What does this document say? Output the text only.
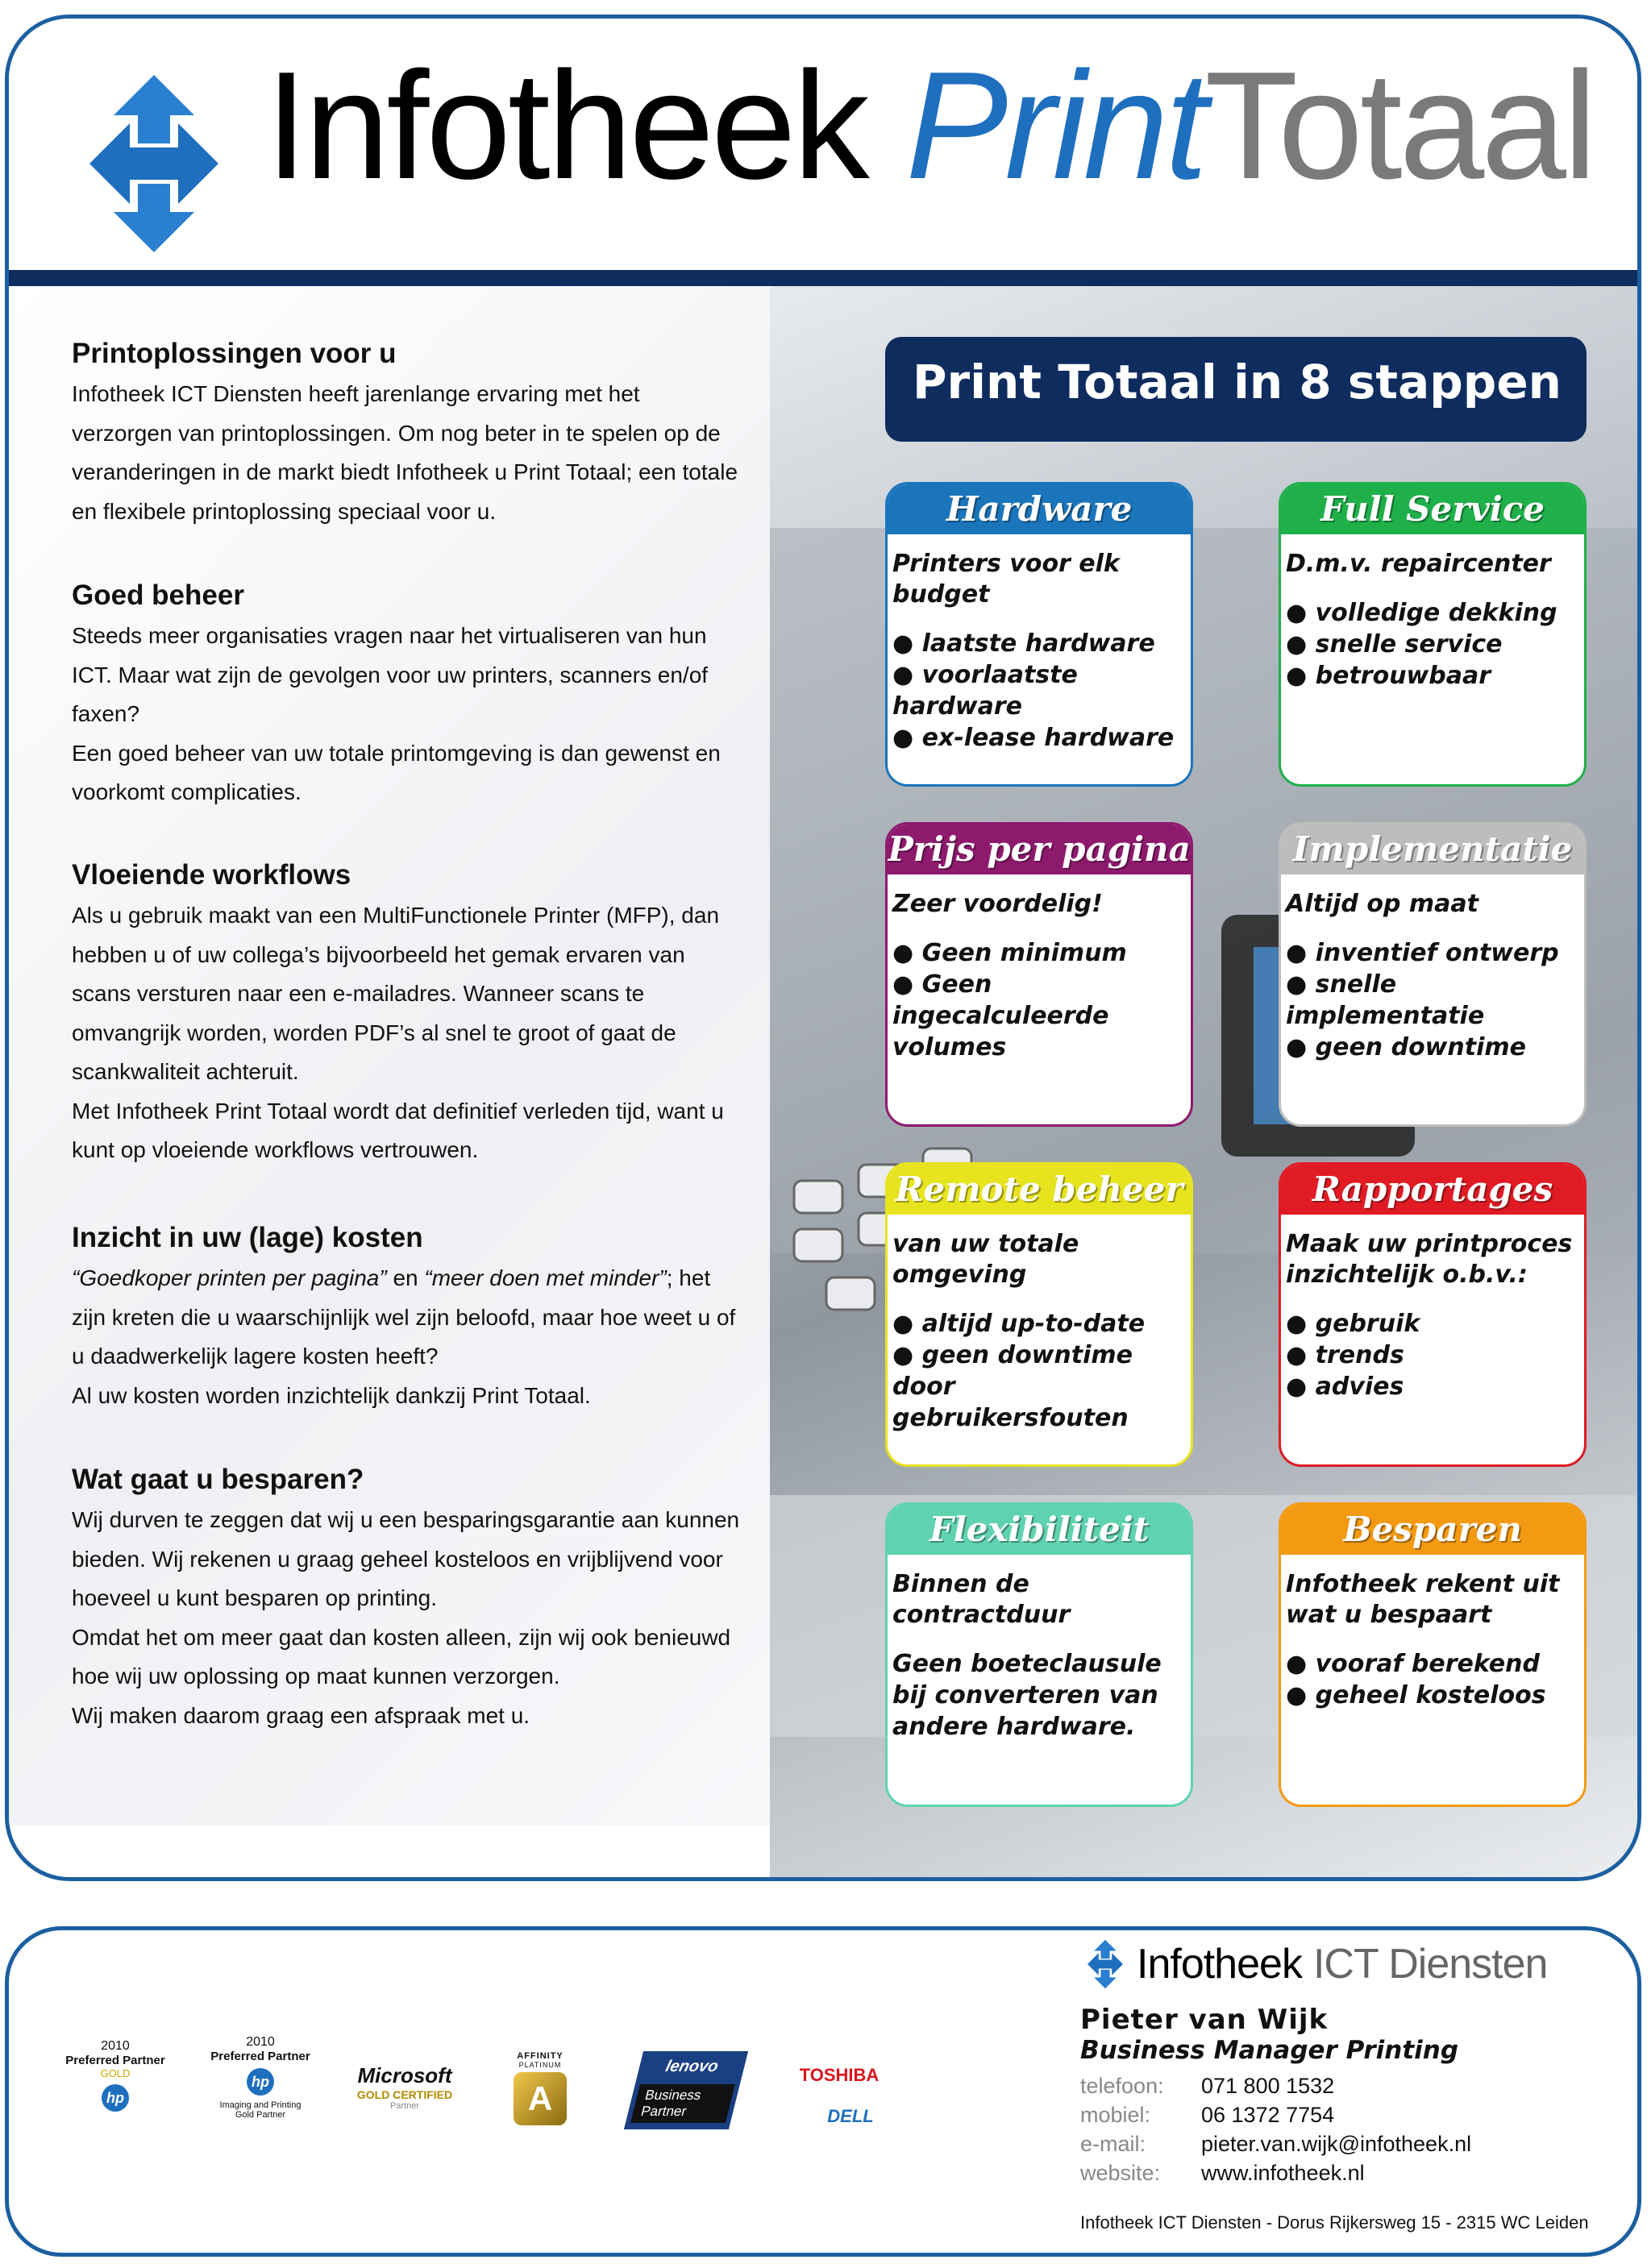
Infotheek PrintTotaal
Printoplossingen voor u

Infotheek ICT Diensten heeft jarenlange ervaring met het verzorgen van printoplossingen. Om nog beter in te spelen op de veranderingen in de markt biedt Infotheek u Print Totaal; een totale en flexibele printoplossing speciaal voor u.

Goed beheer

Steeds meer organisaties vragen naar het virtualiseren van hun ICT. Maar wat zijn de gevolgen voor uw printers, scanners en/of faxen?

Een goed beheer van uw totale printomgeving is dan gewenst en voorkomt complicaties.

Vloeiende workflows

Als u gebruik maakt van een MultiFunctionele Printer (MFP), dan hebben u of uw collega’s bijvoorbeeld het gemak ervaren van scans versturen naar een e-mailadres. Wanneer scans te omvangrijk worden, worden PDF’s al snel te groot of gaat de scankwaliteit achteruit.

Met Infotheek Print Totaal wordt dat definitief verleden tijd, want u kunt op vloeiende workflows vertrouwen.

Inzicht in uw (lage) kosten

“Goedkoper printen per pagina” en “meer doen met minder”; het zijn kreten die u waarschijnlijk wel zijn beloofd, maar hoe weet u of u daadwerkelijk lagere kosten heeft?

Al uw kosten worden inzichtelijk dankzij Print Totaal.

Wat gaat u besparen?

Wij durven te zeggen dat wij u een besparingsgarantie aan kunnen bieden. Wij rekenen u graag geheel kosteloos en vrijblijvend voor hoeveel u kunt besparen op printing.

Omdat het om meer gaat dan kosten alleen, zijn wij ook benieuwd hoe wij uw oplossing op maat kunnen verzorgen.

Wij maken daarom graag een afspraak met u.

Print Totaal in 8 stappen
Hardware
Printers voor elk budget
● laatste hardware
● voorlaatste hardware
● ex-lease hardware
Full Service
D.m.v. repaircenter
● volledige dekking
● snelle service
● betrouwbaar
Prijs per pagina
Zeer voordelig!
● Geen minimum
● Geen ingecalculeerde volumes
Implementatie
Altijd op maat
● inventief ontwerp
● snelle implementatie
● geen downtime
Remote beheer
van uw totale omgeving
● altijd up-to-date
● geen downtime door gebruikersfouten
Rapportages
Maak uw printproces inzichtelijk o.b.v.:
● gebruik
● trends
● advies
Flexibiliteit
Binnen de contractduur
Geen boeteclausule bij converteren van andere hardware.
Besparen
Infotheek rekent uit wat u bespaart
● vooraf berekend
● geheel kosteloos
2010
Preferred Partner
GOLD
hp
2010
Preferred Partner
hp
Imaging and Printing
Gold Partner
Microsoft
GOLD CERTIFIED
Partner
AFFINITY
PLATINUM
A
lenovo
Business
Partner
TOSHIBA
DELL
Infotheek ICT Diensten
Pieter van Wijk
Business Manager Printing
telefoon:	071 800 1532
mobiel:	06 1372 7754
e-mail:	pieter.van.wijk@infotheek.nl
website:	www.infotheek.nl
Infotheek ICT Diensten - Dorus Rijkersweg 15 - 2315 WC Leiden
